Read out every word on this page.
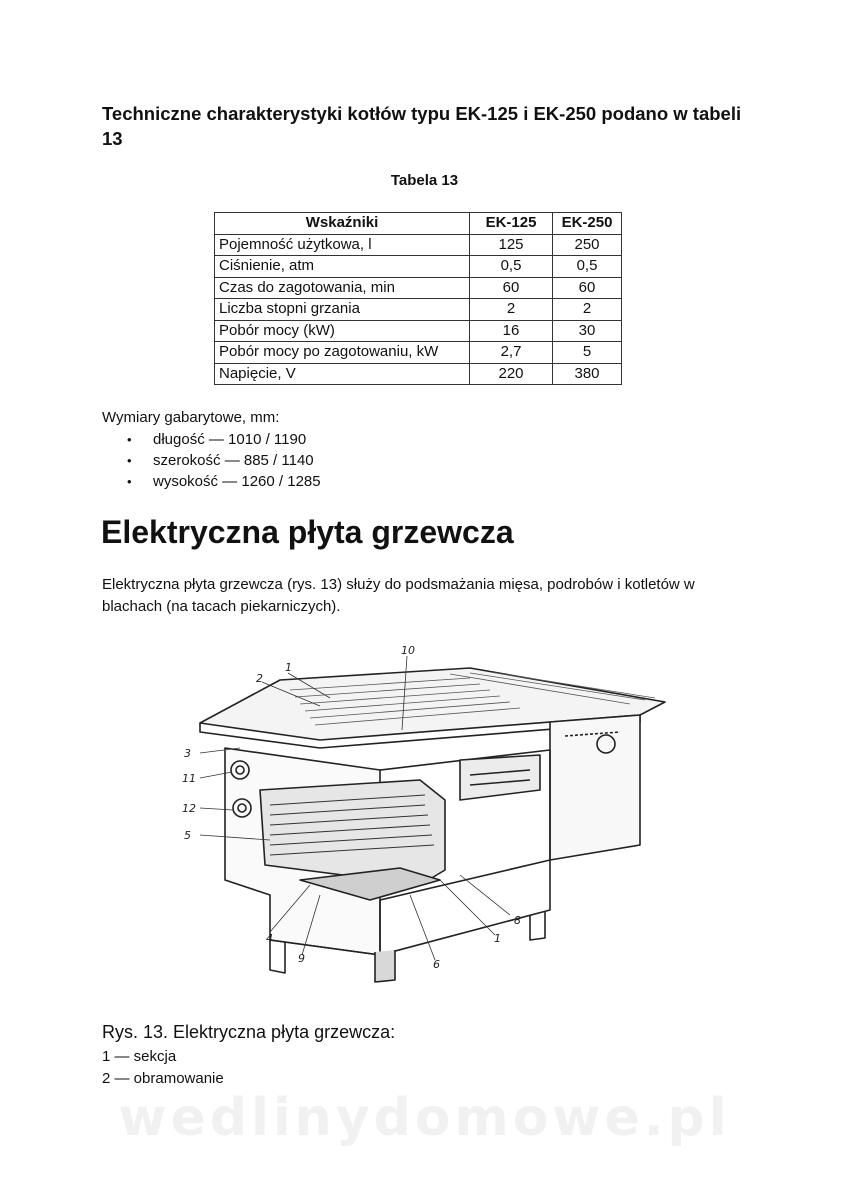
Techniczne charakterystyki kotłów typu EK-125 i EK-250 podano w tabeli 13
Tabela 13
Wskaźniki	EK-125	EK-250
Pojemność użytkowa, l	125	250
Ciśnienie, atm	0,5	0,5
Czas do zagotowania, min	60	60
Liczba stopni grzania	2	2
Pobór mocy (kW)	16	30
Pobór mocy po zagotowaniu, kW	2,7	5
Napięcie, V	220	380
Wymiary gabarytowe, mm:
• długość — 1010 / 1190
• szerokość — 885 / 1140
• wysokość — 1260 / 1285
Elektryczna płyta grzewcza

Elektryczna płyta grzewcza (rys. 13) służy do podsmażania mięsa, podrobów i kotletów w blachach (na tacach piekarniczych).

1
2
3
11
12
5
4
9	6
1
8
10
Rys. 13. Elektryczna płyta grzewcza:
1 — sekcja
2 — obramowanie
wedlinydomowe.pl
